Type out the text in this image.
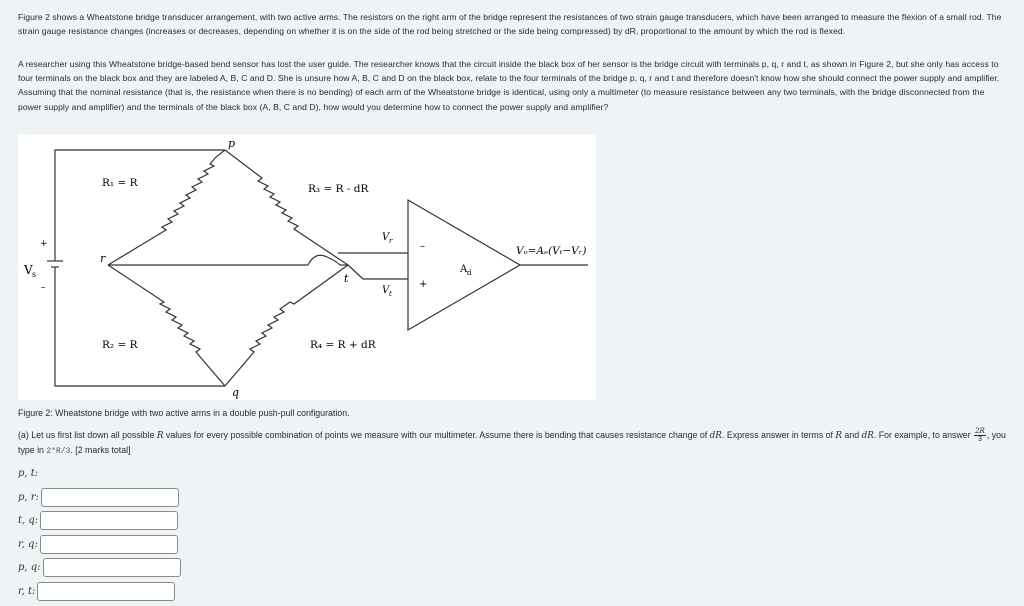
Figure 2 shows a Wheatstone bridge transducer arrangement, with two active arms. The resistors on the right arm of the bridge represent the resistances of two strain gauge transducers, which have been arranged to measure the flexion of a small rod. The strain gauge resistance changes (increases or decreases, depending on whether it is on the side of the rod being stretched or the side being compressed) by dR, proportional to the amount by which the rod is flexed.
A researcher using this Wheatstone bridge-based bend sensor has lost the user guide. The researcher knows that the circuit inside the black box of her sensor is the bridge circuit with terminals p, q, r and t, as shown in Figure 2, but she only has access to four terminals on the black box and they are labeled A, B, C and D. She is unsure how A, B, C and D on the black box, relate to the four terminals of the bridge p, q, r and t and therefore doesn't know how she should connect the power supply and amplifier. Assuming that the nominal resistance (that is, the resistance when there is no bending) of each arm of the Wheatstone bridge is identical, using only a multimeter (to measure resistance between any two terminals, with the bridge disconnected from the power supply and amplifier) and the terminals of the black box (A, B, C and D), how would you determine how to connect the power supply and amplifier?
p
q
r
t
R₁ = R
R₂ = R
R₃ = R - dR
R₄ = R + dR
V s
+
–
V r
V t
–
+
A d
Vₒ=Aₑ(Vₜ−Vᵣ)
Figure 2: Wheatstone bridge with two active arms in a double push-pull configuration.
(a) Let us first list down all possible R values for every possible combination of points we measure with our multimeter. Assume there is bending that causes resistance change of dR. Express answer in terms of R and dR. For example, to answer $\frac{2R}{3}$ , you type in 2*R/3. [2 marks total]
p, t:
p, r:
t, q:
r, q:
p, q:
r, t:
